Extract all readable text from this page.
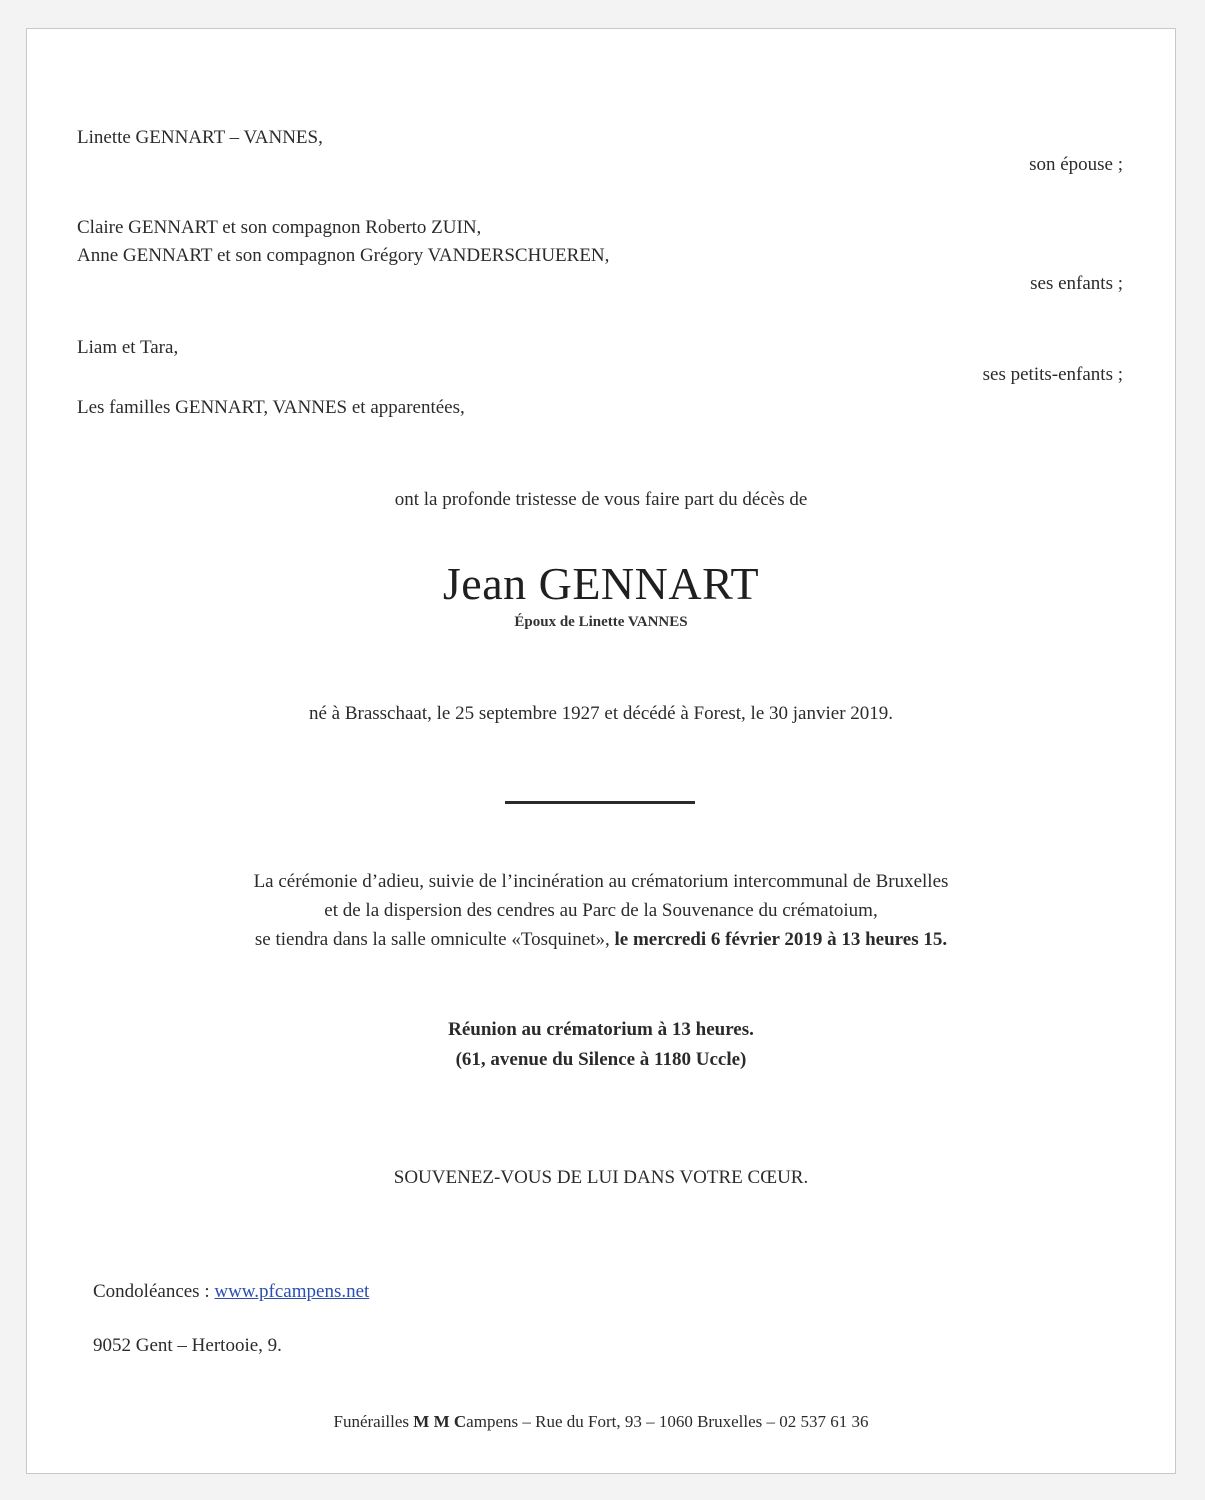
Linette GENNART – VANNES,
son épouse ;
Claire GENNART et son compagnon Roberto ZUIN,
Anne GENNART et son compagnon Grégory VANDERSCHUEREN,
ses enfants ;
Liam et Tara,
ses petits-enfants ;
Les familles GENNART, VANNES et apparentées,
ont la profonde tristesse de vous faire part du décès de
Jean GENNART
Époux de Linette VANNES
né à Brasschaat, le 25 septembre 1927 et décédé à Forest, le 30 janvier 2019.
La cérémonie d’adieu, suivie de l’incinération au crématorium intercommunal de Bruxelles
et de la dispersion des cendres au Parc de la Souvenance du crématoium,
se tiendra dans la salle omniculte «Tosquinet», le mercredi 6 février 2019 à 13 heures 15.
Réunion au crématorium à 13 heures.
(61, avenue du Silence à 1180 Uccle)
SOUVENEZ-VOUS DE LUI DANS VOTRE CŒUR.
Condoléances : www.pfcampens.net
9052 Gent – Hertooie, 9.
Funérailles M M Campens – Rue du Fort, 93 – 1060 Bruxelles – 02 537 61 36
